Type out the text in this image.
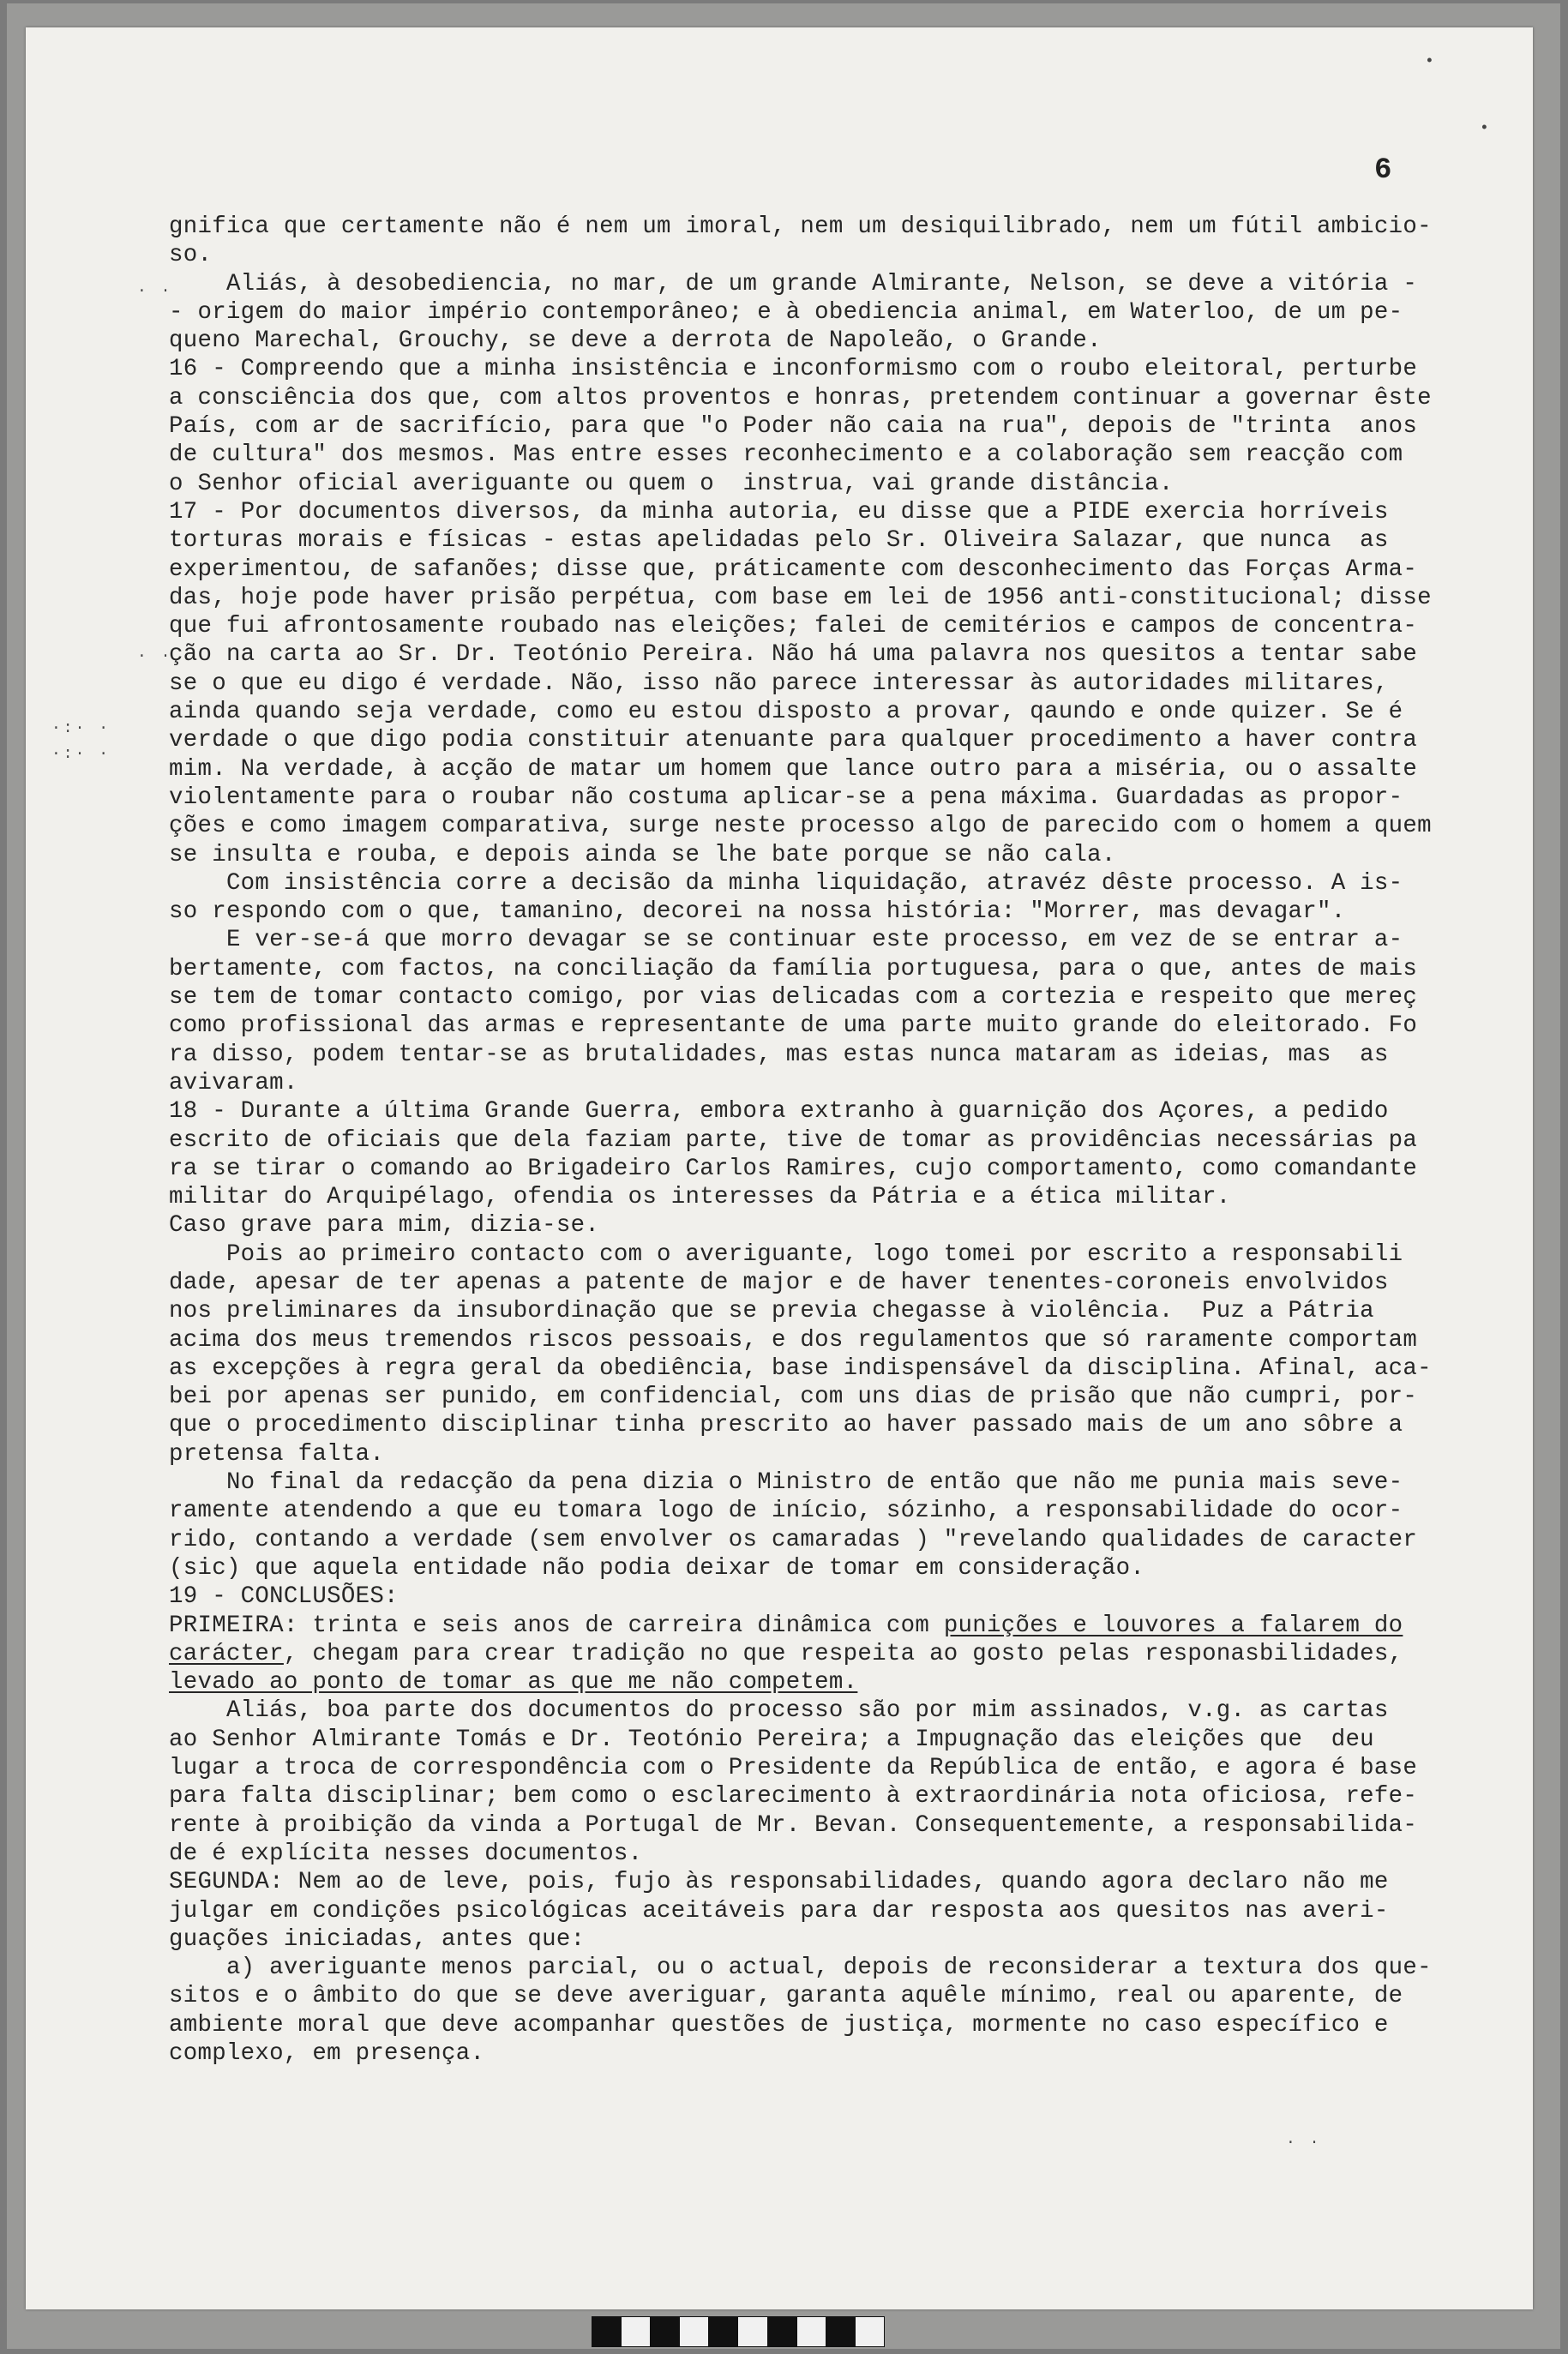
•
•
· ·
· ·
·:· ·
·:· ·
· ·
6
gnifica que certamente não é nem um imoral, nem um desiquilibrado, nem um fútil ambicio-
so.
Aliás, à desobediencia, no mar, de um grande Almirante, Nelson, se deve a vitória -
- origem do maior império contemporâneo; e à obediencia animal, em Waterloo, de um pe-
queno Marechal, Grouchy, se deve a derrota de Napoleão, o Grande.
16 - Compreendo que a minha insistência e inconformismo com o roubo eleitoral, perturbe
a consciência dos que, com altos proventos e honras, pretendem continuar a governar êste
País, com ar de sacrifício, para que "o Poder não caia na rua", depois de "trinta  anos
de cultura" dos mesmos. Mas entre esses reconhecimento e a colaboração sem reacção com
o Senhor oficial averiguante ou quem o  instrua, vai grande distância.
17 - Por documentos diversos, da minha autoria, eu disse que a PIDE exercia horríveis
torturas morais e físicas - estas apelidadas pelo Sr. Oliveira Salazar, que nunca  as
experimentou, de safanões; disse que, práticamente com desconhecimento das Forças Arma-
das, hoje pode haver prisão perpétua, com base em lei de 1956 anti-constitucional; disse
que fui afrontosamente roubado nas eleições; falei de cemitérios e campos de concentra-
ção na carta ao Sr. Dr. Teotónio Pereira. Não há uma palavra nos quesitos a tentar sabe
se o que eu digo é verdade. Não, isso não parece interessar às autoridades militares,
ainda quando seja verdade, como eu estou disposto a provar, qaundo e onde quizer. Se é
verdade o que digo podia constituir atenuante para qualquer procedimento a haver contra
mim. Na verdade, à acção de matar um homem que lance outro para a miséria, ou o assalte
violentamente para o roubar não costuma aplicar-se a pena máxima. Guardadas as propor-
ções e como imagem comparativa, surge neste processo algo de parecido com o homem a quem
se insulta e rouba, e depois ainda se lhe bate porque se não cala.
Com insistência corre a decisão da minha liquidação, atravéz dêste processo. A is-
so respondo com o que, tamanino, decorei na nossa história: "Morrer, mas devagar".
E ver-se-á que morro devagar se se continuar este processo, em vez de se entrar a-
bertamente, com factos, na conciliação da família portuguesa, para o que, antes de mais
se tem de tomar contacto comigo, por vias delicadas com a cortezia e respeito que mereç
como profissional das armas e representante de uma parte muito grande do eleitorado. Fo
ra disso, podem tentar-se as brutalidades, mas estas nunca mataram as ideias, mas  as
avivaram.
18 - Durante a última Grande Guerra, embora extranho à guarnição dos Açores, a pedido
escrito de oficiais que dela faziam parte, tive de tomar as providências necessárias pa
ra se tirar o comando ao Brigadeiro Carlos Ramires, cujo comportamento, como comandante
militar do Arquipélago, ofendia os interesses da Pátria e a ética militar.
Caso grave para mim, dizia-se.
Pois ao primeiro contacto com o averiguante, logo tomei por escrito a responsabili
dade, apesar de ter apenas a patente de major e de haver tenentes-coroneis envolvidos
nos preliminares da insubordinação que se previa chegasse à violência.  Puz a Pátria
acima dos meus tremendos riscos pessoais, e dos regulamentos que só raramente comportam
as excepções à regra geral da obediência, base indispensável da disciplina. Afinal, aca-
bei por apenas ser punido, em confidencial, com uns dias de prisão que não cumpri, por-
que o procedimento disciplinar tinha prescrito ao haver passado mais de um ano sôbre a
pretensa falta.
No final da redacção da pena dizia o Ministro de então que não me punia mais seve-
ramente atendendo a que eu tomara logo de início, sózinho, a responsabilidade do ocor-
rido, contando a verdade (sem envolver os camaradas ) "revelando qualidades de caracter
(sic) que aquela entidade não podia deixar de tomar em consideração.
19 - CONCLUSÕES:
PRIMEIRA: trinta e seis anos de carreira dinâmica com punições e louvores a falarem do
carácter, chegam para crear tradição no que respeita ao gosto pelas responasbilidades,
levado ao ponto de tomar as que me não competem.
Aliás, boa parte dos documentos do processo são por mim assinados, v.g. as cartas
ao Senhor Almirante Tomás e Dr. Teotónio Pereira; a Impugnação das eleições que  deu
lugar a troca de correspondência com o Presidente da República de então, e agora é base
para falta disciplinar; bem como o esclarecimento à extraordinária nota oficiosa, refe-
rente à proibição da vinda a Portugal de Mr. Bevan. Consequentemente, a responsabilida-
de é explícita nesses documentos.
SEGUNDA: Nem ao de leve, pois, fujo às responsabilidades, quando agora declaro não me
julgar em condições psicológicas aceitáveis para dar resposta aos quesitos nas averi-
guações iniciadas, antes que:
a) averiguante menos parcial, ou o actual, depois de reconsiderar a textura dos que-
sitos e o âmbito do que se deve averiguar, garanta aquêle mínimo, real ou aparente, de
ambiente moral que deve acompanhar questões de justiça, mormente no caso específico e
complexo, em presença.
